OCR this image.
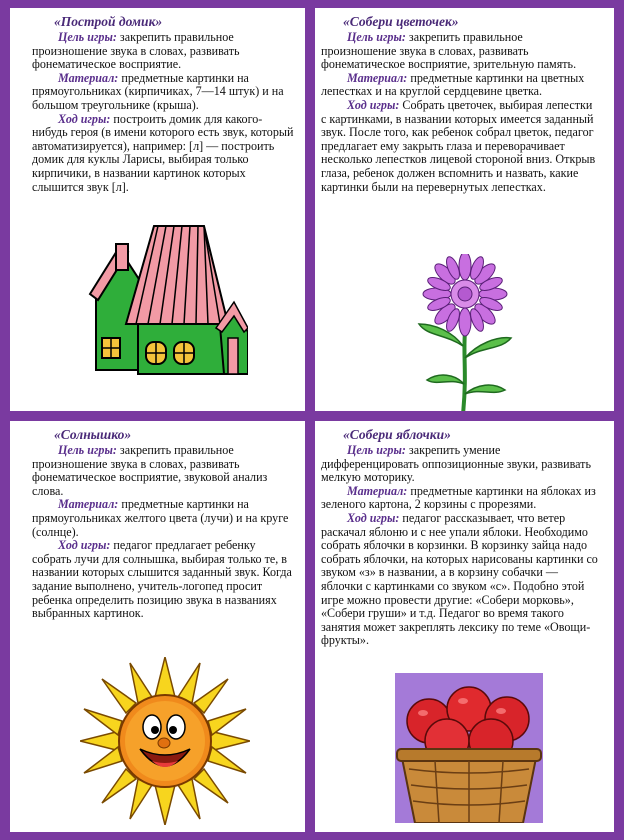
«Построй домик»

Цель игры: закрепить правильное произношение звука в словах, развивать фонематическое восприятие.

Материал: предметные картинки на прямоугольниках (кирпичиках, 7—14 штук) и на большом треугольнике (крыша).

Ход игры: построить домик для какого-нибудь героя (в имени которого есть звук, который автоматизируется), например: [л] — построить домик для куклы Ларисы, выбирая только кирпичики, в названии картинок которых слышится звук [л].

«Собери цветочек»

Цель игры: закрепить правильное произношение звука в словах, развивать фонематическое восприятие, зрительную память.

Материал: предметные картинки на цветных лепестках и на круглой сердцевине цветка.

Ход игры: Собрать цветочек, выбирая лепестки с картинками, в названии которых имеется заданный звук. После того, как ребенок собрал цветок, педагог предлагает ему закрыть глаза и переворачивает несколько лепестков лицевой стороной вниз. Открыв глаза, ребенок должен вспомнить и назвать, какие картинки были на перевернутых лепестках.

«Солнышко»

Цель игры: закрепить правильное произношение звука в словах, развивать фонематическое восприятие, звуковой анализ слова.

Материал: предметные картинки на прямоугольниках желтого цвета (лучи) и на круге (солнце).

Ход игры: педагог предлагает ребенку собрать лучи для солнышка, выбирая только те, в названии которых слышится заданный звук. Когда задание выполнено, учитель-логопед просит ребенка определить позицию звука в названиях выбранных картинок.

«Собери яблочки»

Цель игры: закрепить умение дифференцировать оппозиционные звуки, развивать мелкую моторику.

Материал: предметные картинки на яблоках из зеленого картона, 2 корзины с прорезями.

Ход игры: педагог рассказывает, что ветер раскачал яблоню и с нее упали яблоки. Необходимо собрать яблочки в корзинки. В корзинку зайца надо собрать яблочки, на которых нарисованы картинки со звуком «з» в названии, а в корзину собачки — яблочки с картинками со звуком «с». Подобно этой игре можно провести другие: «Собери морковь», «Собери груши» и т.д. Педагог во время такого занятия может закреплять лексику по теме «Овощи-фрукты».
